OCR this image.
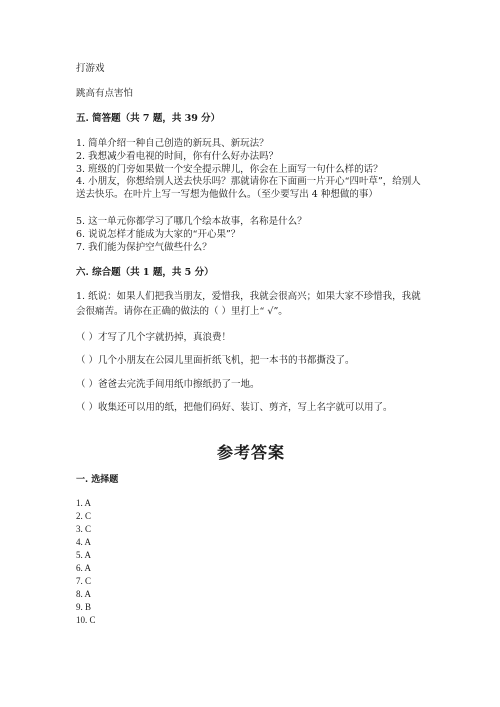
打游戏
跳高有点害怕
五. 简答题（共 7 题，共 39 分）
1. 简单介绍一种自己创造的新玩具、新玩法？
2. 我想减少看电视的时间，你有什么好办法吗？
3. 班级的门旁如果做一个安全提示牌儿，你会在上面写一句什么样的话？
4. 小朋友，你想给别人送去快乐吗？那就请你在下面画一片开心“四叶草”，给别人送去快乐。在叶片上写一写想为他做什么。（至少要写出 4 种想做的事）
5. 这一单元你都学习了哪几个绘本故事，名称是什么？
6. 说说怎样才能成为大家的“开心果”？
7. 我们能为保护空气做些什么？
六. 综合题（共 1 题，共 5 分）
1. 纸说：如果人们把我当朋友，爱惜我，我就会很高兴；如果大家不珍惜我，我就会很痛苦。请你在正确的做法的（ ）里打上“ √”。
（ ）才写了几个字就扔掉，真浪费！
（ ）几个小朋友在公园儿里面折纸飞机，把一本书的书都撕没了。
（ ）爸爸去完洗手间用纸巾擦纸扔了一地。
（ ）收集还可以用的纸，把他们码好、装订、剪齐，写上名字就可以用了。
参考答案
一. 选择题
1. A
2. C
3. C
4. A
5. A
6. A
7. C
8. A
9. B
10. C
